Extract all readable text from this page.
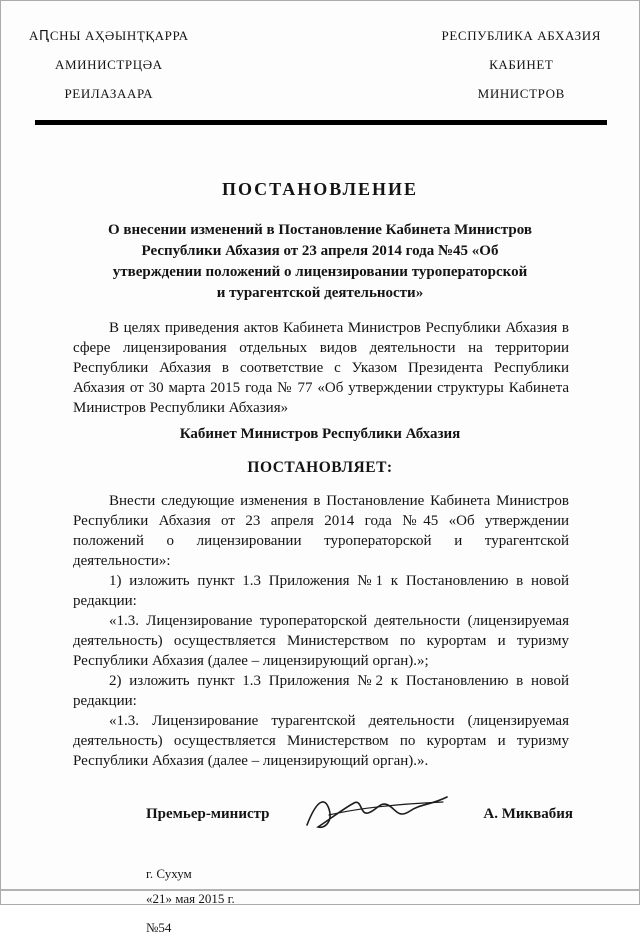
АԤСНЫ АҲӘЫНҬҚАРРА
АМИНИСТРЦӘА
РЕИЛАЗААРА
РЕСПУБЛИКА АБХАЗИЯ
КАБИНЕТ
МИНИСТРОВ
ПОСТАНОВЛЕНИЕ
О внесении изменений в Постановление Кабинета Министров Республики Абхазия от 23 апреля 2014 года №45 «Об утверждении положений о лицензировании туроператорской и турагентской деятельности»
В целях приведения актов Кабинета Министров Республики Абхазия в сфере лицензирования отдельных видов деятельности на территории Республики Абхазия в соответствие с Указом Президента Республики Абхазия от 30 марта 2015 года № 77 «Об утверждении структуры Кабинета Министров Республики Абхазия»
Кабинет Министров Республики Абхазия
ПОСТАНОВЛЯЕТ:

Внести следующие изменения в Постановление Кабинета Министров Республики Абхазия от 23 апреля 2014 года №45 «Об утверждении положений о лицензировании туроператорской и турагентской деятельности»:

1) изложить пункт 1.3 Приложения №1 к Постановлению в новой редакции:

«1.3. Лицензирование туроператорской деятельности (лицензируемая деятельность) осуществляется Министерством по курортам и туризму Республики Абхазия (далее – лицензирующий орган).»;

2) изложить пункт 1.3 Приложения №2 к Постановлению в новой редакции:

«1.3. Лицензирование турагентской деятельности (лицензируемая деятельность) осуществляется Министерством по курортам и туризму Республики Абхазия (далее – лицензирующий орган).».

Премьер-министр	А. Миквабия
г. Сухум
«21» мая 2015 г.
№54
